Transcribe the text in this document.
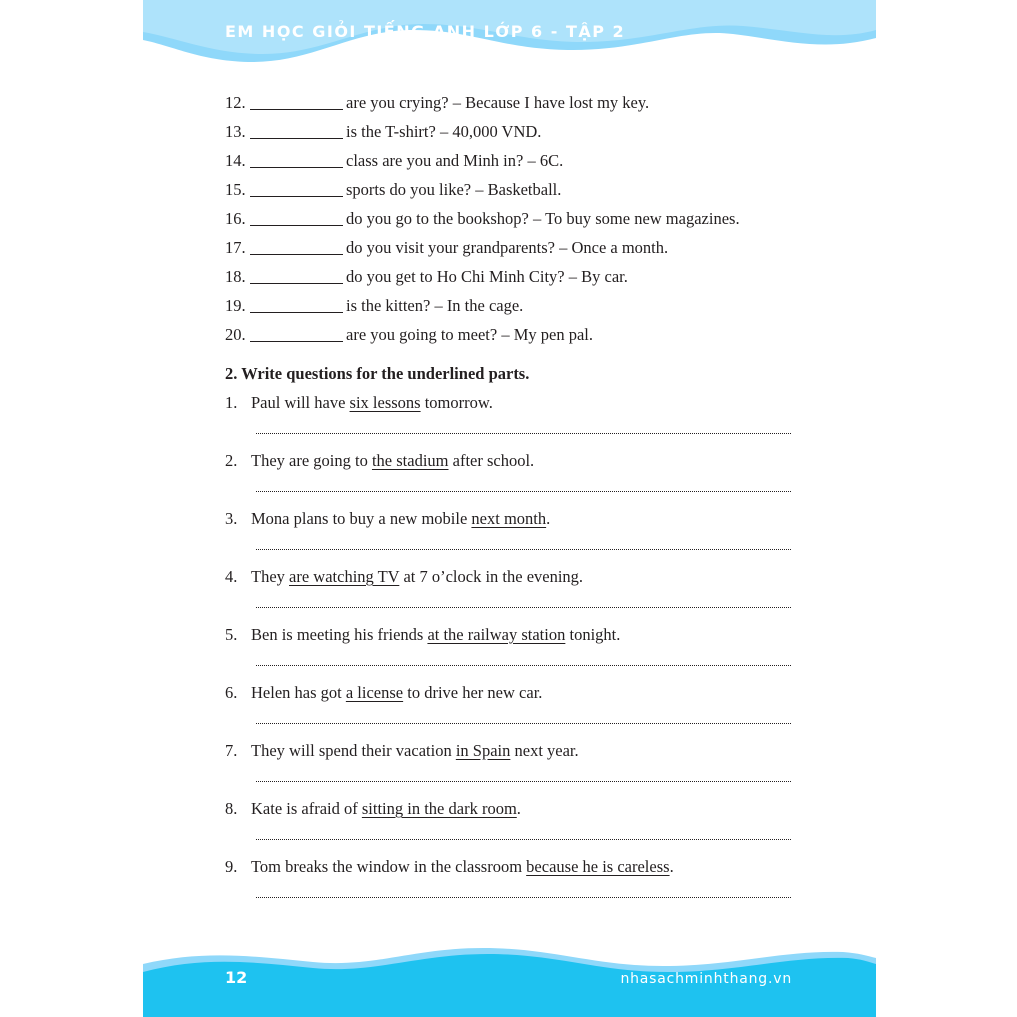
EM HỌC GIỎI TIẾNG ANH LỚP 6 - TẬP 2
12.	are you crying? – Because I have lost my key.
13.	is the T-shirt? – 40,000 VND.
14.	class are you and Minh in? – 6C.
15.	sports do you like? – Basketball.
16.	do you go to the bookshop? – To buy some new magazines.
17.	do you visit your grandparents? – Once a month.
18.	do you get to Ho Chi Minh City? – By car.
19.	is the kitten? – In the cage.
20.	are you going to meet? – My pen pal.
2. Write questions for the underlined parts.
1. Paul will have six lessons tomorrow.
2. They are going to the stadium after school.
3. Mona plans to buy a new mobile next month.
4. They are watching TV at 7 o’clock in the evening.
5. Ben is meeting his friends at the railway station tonight.
6. Helen has got a license to drive her new car.
7. They will spend their vacation in Spain next year.
8. Kate is afraid of sitting in the dark room.
9. Tom breaks the window in the classroom because he is careless.
12	nhasachminhthang.vn
